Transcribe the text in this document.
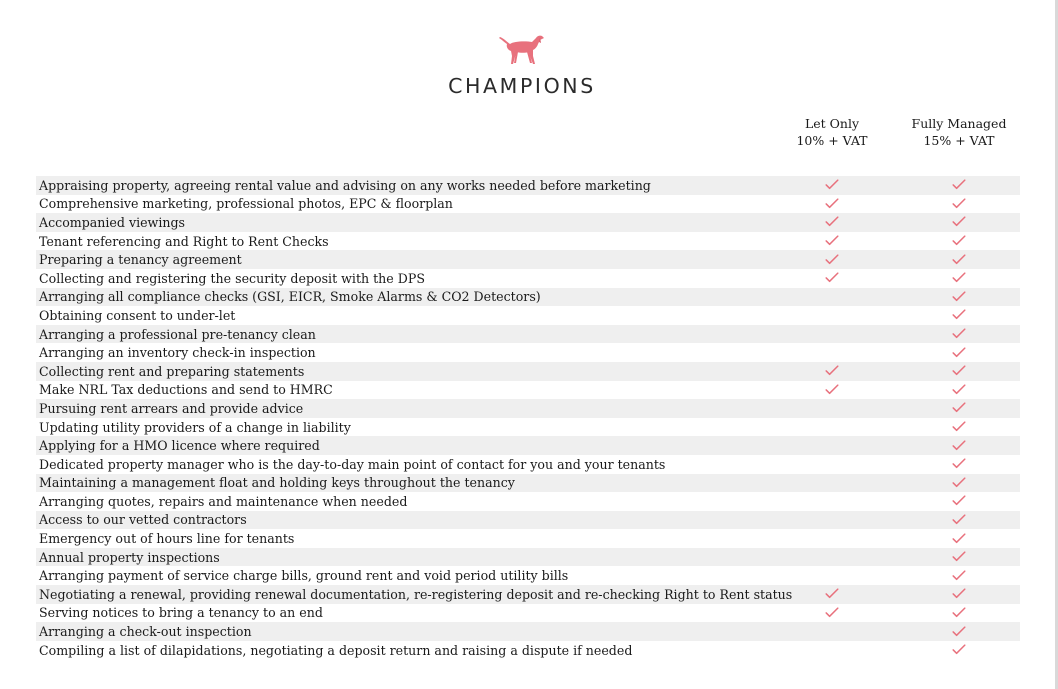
CHAMPIONS
Let Only
10% + VAT
Fully Managed
15% + VAT
Appraising property, agreeing rental value and advising on any works needed before marketing
Comprehensive marketing, professional photos, EPC & floorplan
Accompanied viewings
Tenant referencing and Right to Rent Checks
Preparing a tenancy agreement
Collecting and registering the security deposit with the DPS
Arranging all compliance checks (GSI, EICR, Smoke Alarms & CO2 Detectors)
Obtaining consent to under-let
Arranging a professional pre-tenancy clean
Arranging an inventory check-in inspection
Collecting rent and preparing statements
Make NRL Tax deductions and send to HMRC
Pursuing rent arrears and provide advice
Updating utility providers of a change in liability
Applying for a HMO licence where required
Dedicated property manager who is the day-to-day main point of contact for you and your tenants
Maintaining a management float and holding keys throughout the tenancy
Arranging quotes, repairs and maintenance when needed
Access to our vetted contractors
Emergency out of hours line for tenants
Annual property inspections
Arranging payment of service charge bills, ground rent and void period utility bills
Negotiating a renewal, providing renewal documentation, re-registering deposit and re-checking Right to Rent status
Serving notices to bring a tenancy to an end
Arranging a check-out inspection
Compiling a list of dilapidations, negotiating a deposit return and raising a dispute if needed
